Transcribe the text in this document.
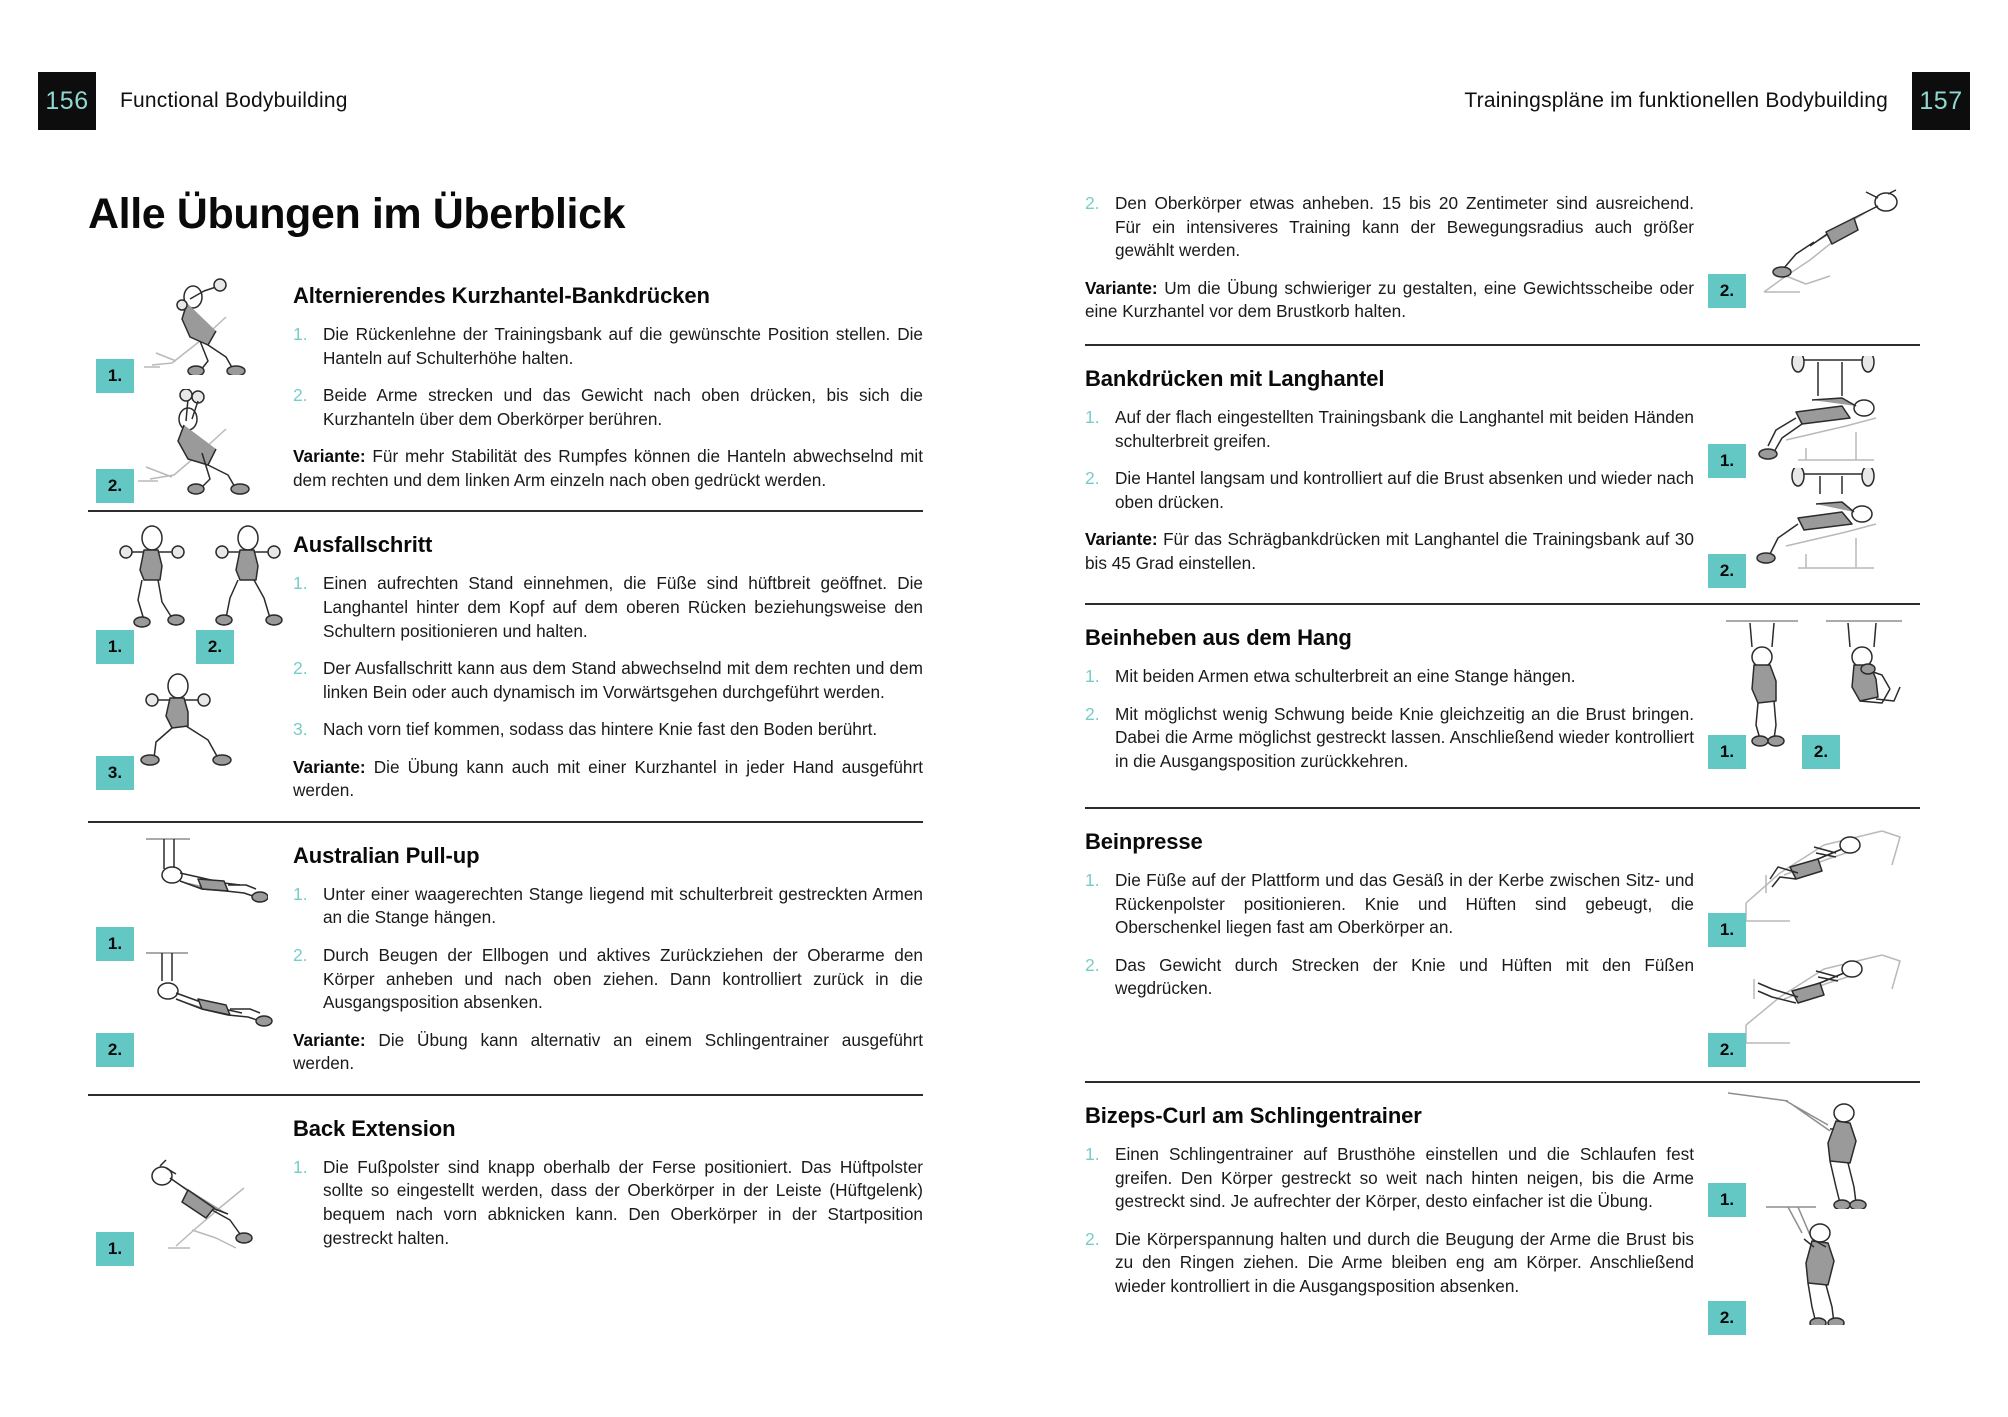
156	Functional Bodybuilding	Trainingspläne im funktionellen Bodybuilding 157
Alle Übungen im Überblick
1.
2.
Alternierendes Kurzhantel-Bankdrücken
1. Die Rückenlehne der Trainingsbank auf die gewünschte Position stellen. Die Hanteln auf Schulterhöhe halten.
2. Beide Arme strecken und das Gewicht nach oben drücken, bis sich die Kurzhanteln über dem Oberkörper berühren.

Variante: Für mehr Stabilität des Rumpfes können die Hanteln abwechselnd mit dem rechten und dem linken Arm einzeln nach oben gedrückt werden.

1.	2.
3.
Ausfallschritt
1. Einen aufrechten Stand einnehmen, die Füße sind hüftbreit geöffnet. Die Langhantel hinter dem Kopf auf dem oberen Rücken beziehungsweise den Schultern positionieren und halten.
2. Der Ausfallschritt kann aus dem Stand abwechselnd mit dem rechten und dem linken Bein oder auch dynamisch im Vorwärtsgehen durchgeführt werden.
3. Nach vorn tief kommen, sodass das hintere Knie fast den Boden berührt.

Variante: Die Übung kann auch mit einer Kurzhantel in jeder Hand ausgeführt werden.

1.
2.
Australian Pull-up
1. Unter einer waagerechten Stange liegend mit schulterbreit gestreckten Armen an die Stange hängen.
2. Durch Beugen der Ellbogen und aktives Zurückziehen der Oberarme den Körper anheben und nach oben ziehen. Dann kontrolliert zurück in die Ausgangsposition absenken.

Variante: Die Übung kann alternativ an einem Schlingentrainer ausgeführt werden.

1.
Back Extension
1. Die Fußpolster sind knapp oberhalb der Ferse positioniert. Das Hüftpolster sollte so eingestellt werden, dass der Oberkörper in der Leiste (Hüftgelenk) bequem nach vorn abknicken kann. Den Oberkörper in der Startposition gestreckt halten.
2. Den Oberkörper etwas anheben. 15 bis 20 Zentimeter sind ausreichend. Für ein intensiveres Training kann der Bewegungsradius auch größer gewählt werden.

Variante: Um die Übung schwieriger zu gestalten, eine Gewichtsscheibe oder eine Kurzhantel vor dem Brustkorb halten.

2.
Bankdrücken mit Langhantel
1. Auf der flach eingestellten Trainingsbank die Langhantel mit beiden Händen schulterbreit greifen.
2. Die Hantel langsam und kontrolliert auf die Brust absenken und wieder nach oben drücken.

Variante: Für das Schrägbankdrücken mit Langhantel die Trainingsbank auf 30 bis 45 Grad einstellen.

1.
2.
Beinheben aus dem Hang
1. Mit beiden Armen etwa schulterbreit an eine Stange hängen.
2. Mit möglichst wenig Schwung beide Knie gleichzeitig an die Brust bringen. Dabei die Arme möglichst gestreckt lassen. Anschließend wieder kontrolliert in die Ausgangsposition zurückkehren.	1.	2.
Beinpresse
1. Die Füße auf der Plattform und das Gesäß in der Kerbe zwischen Sitz- und Rückenpolster positionieren. Knie und Hüften sind gebeugt, die Oberschenkel liegen fast am Oberkörper an.
2. Das Gewicht durch Strecken der Knie und Hüften mit den Füßen wegdrücken.
1.
2.
Bizeps-Curl am Schlingentrainer
1. Einen Schlingentrainer auf Brusthöhe einstellen und die Schlaufen fest greifen. Den Körper gestreckt so weit nach hinten neigen, bis die Arme gestreckt sind. Je aufrechter der Körper, desto einfacher ist die Übung.
2. Die Körperspannung halten und durch die Beugung der Arme die Brust bis zu den Ringen ziehen. Die Arme bleiben eng am Körper. Anschließend wieder kontrolliert in die Ausgangsposition absenken.
1.
2.
